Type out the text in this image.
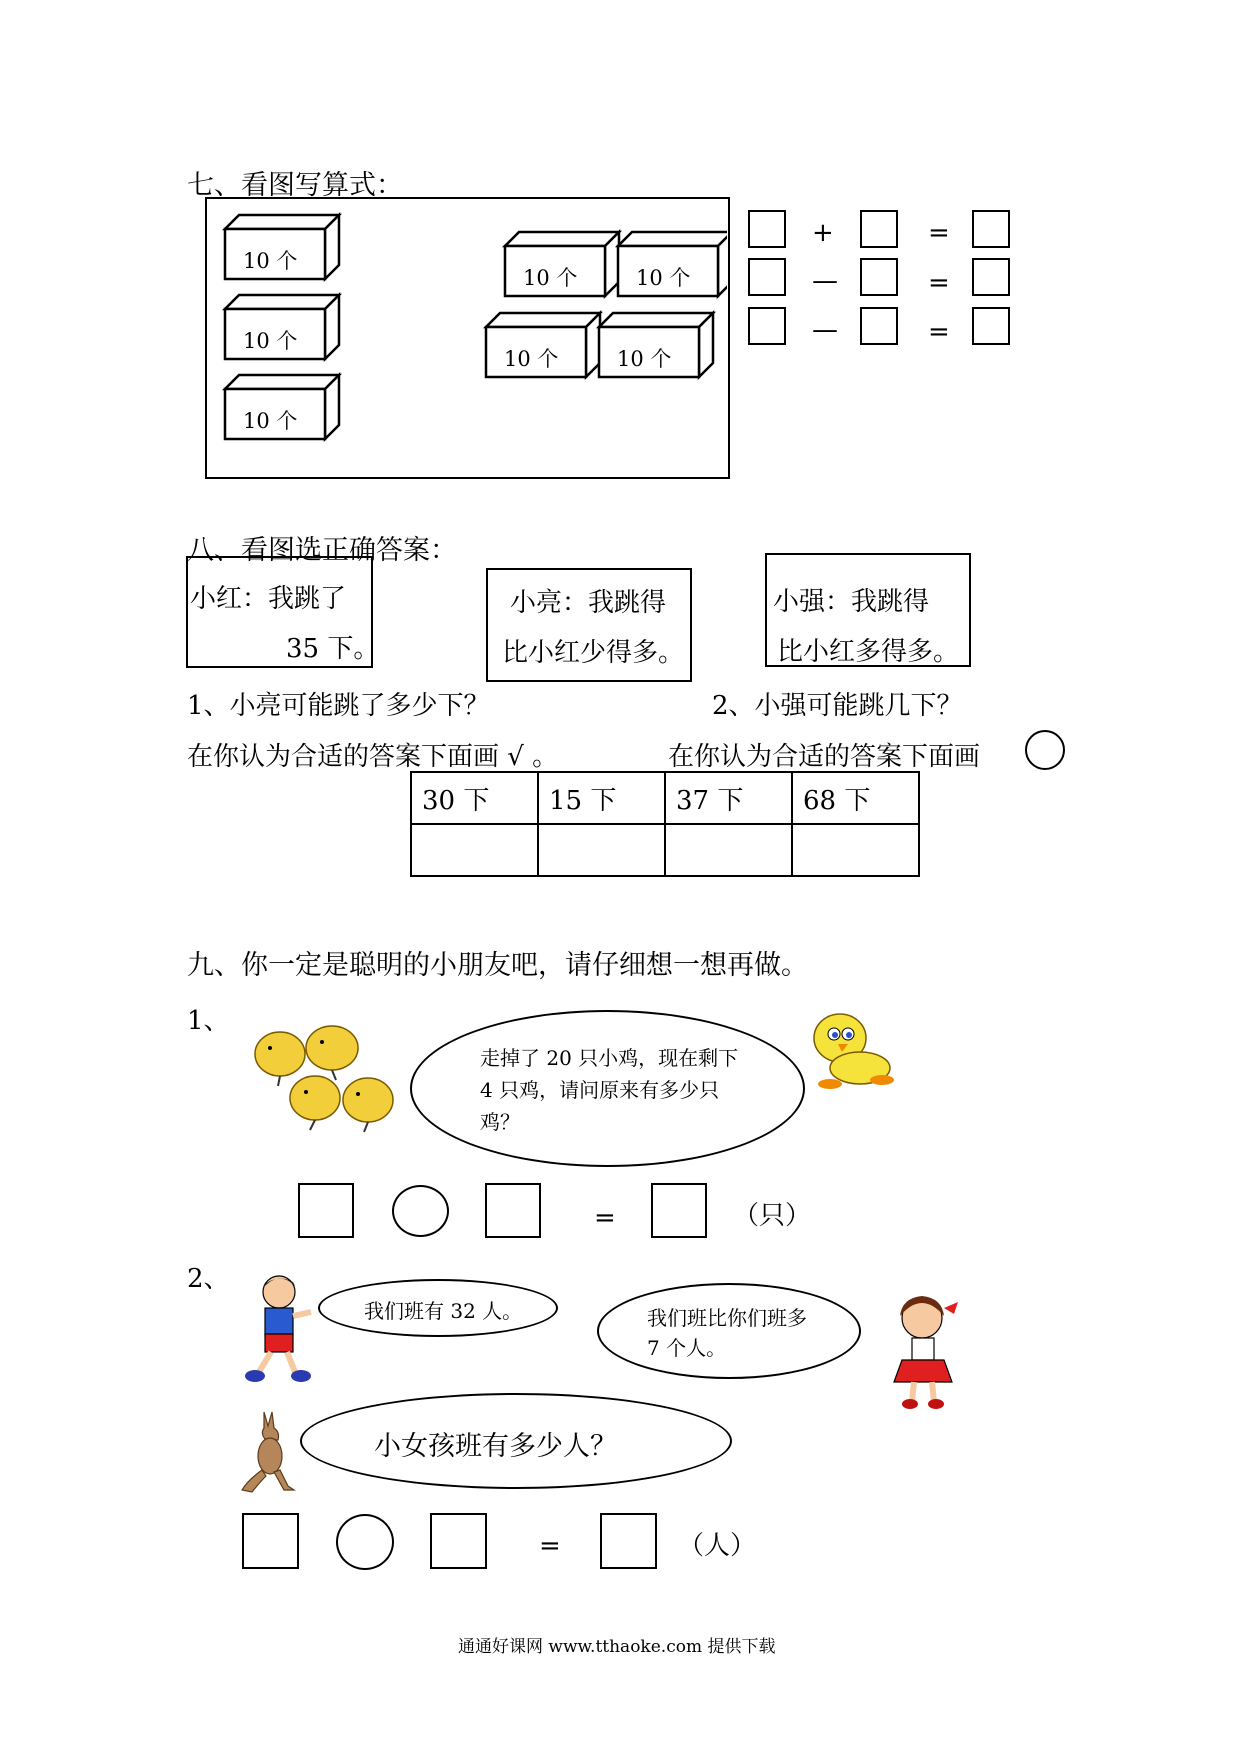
七、看图写算式：
10 个
10 个
10 个
10 个	10 个
10 个	10 个
+	=
—	=
—	=
八、看图选正确答案：
小红：我跳了
35 下。
小亮：我跳得
比小红少得多。
小强：我跳得
比小红多得多。
1、小亮可能跳了多少下？	2、小强可能跳几下？
在你认为合适的答案下面画 √ 。	在你认为合适的答案下面画
30 下	15 下	37 下	68 下

九、你一定是聪明的小朋友吧，请仔细想一想再做。
1、
走掉了 20 只小鸡，现在剩下 4 只鸡，请问原来有多少只鸡？
=	（只）
2、
我们班有 32 人。	我们班比你们班多 7 个人。
小女孩班有多少人？
=	（人）
通通好课网 www.tthaoke.com 提供下载
